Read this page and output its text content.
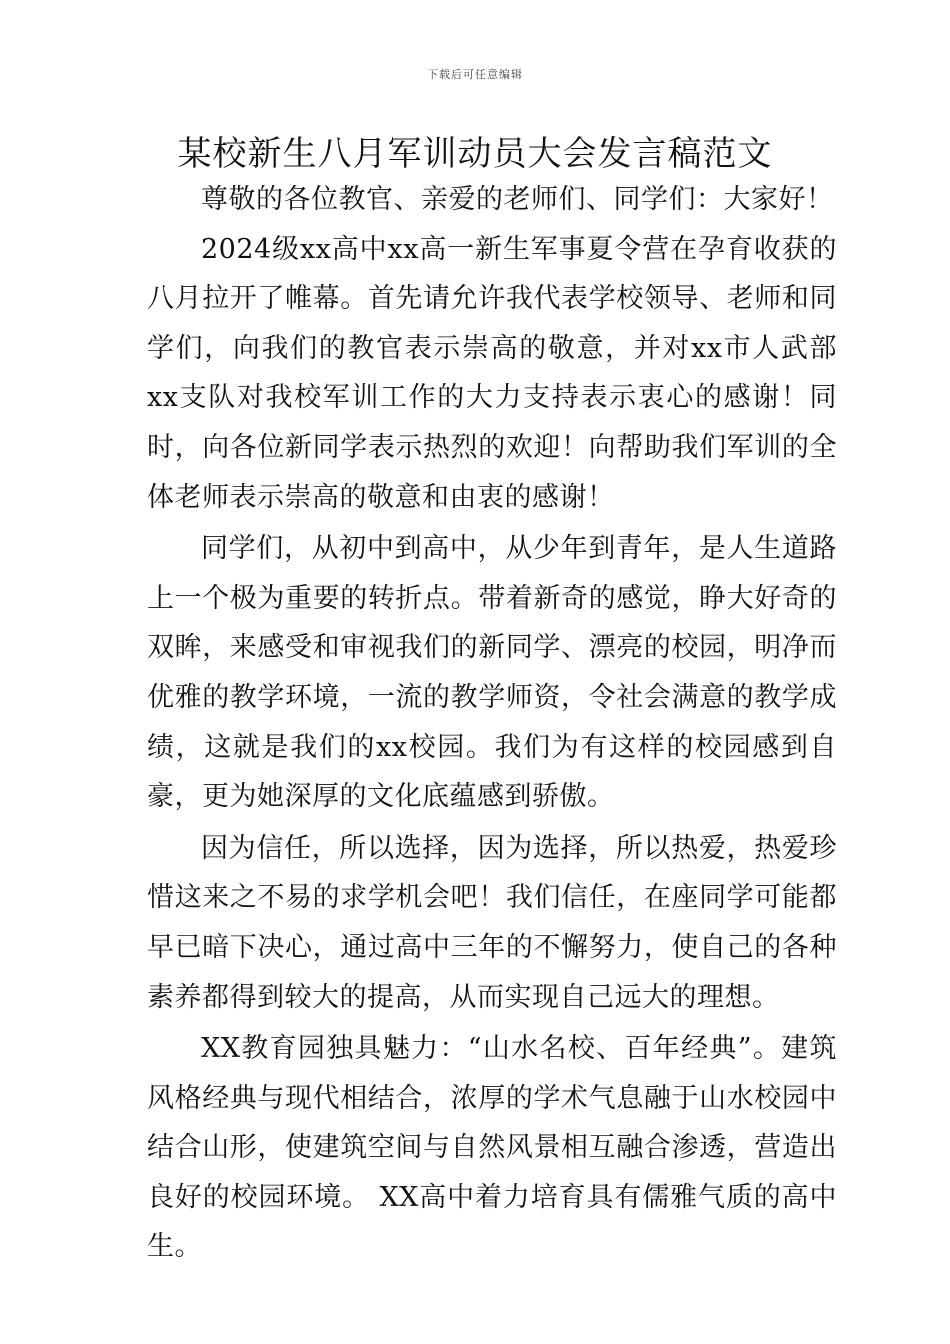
下载后可任意编辑
某校新生八月军训动员大会发言稿范文

尊敬的各位教官、亲爱的老师们、同学们：大家好！

2024级xx高中xx高一新生军事夏令营在孕育收获的八月拉开了帷幕。首先请允许我代表学校领导、老师和同学们，向我们的教官表示崇高的敬意，并对xx市人武部xx支队对我校军训工作的大力支持表示衷心的感谢！同时，向各位新同学表示热烈的欢迎！向帮助我们军训的全体老师表示崇高的敬意和由衷的感谢！

同学们，从初中到高中，从少年到青年，是人生道路上一个极为重要的转折点。带着新奇的感觉，睁大好奇的双眸，来感受和审视我们的新同学、漂亮的校园，明净而优雅的教学环境，一流的教学师资，令社会满意的教学成绩，这就是我们的xx校园。我们为有这样的校园感到自豪，更为她深厚的文化底蕴感到骄傲。

因为信任，所以选择，因为选择，所以热爱，热爱珍惜这来之不易的求学机会吧！我们信任，在座同学可能都早已暗下决心，通过高中三年的不懈努力，使自己的各种素养都得到较大的提高，从而实现自己远大的理想。

XX教育园独具魅力：“山水名校、百年经典”。建筑风格经典与现代相结合，浓厚的学术气息融于山水校园中结合山形，使建筑空间与自然风景相互融合渗透，营造出良好的校园环境。 XX高中着力培育具有儒雅气质的高中生。
